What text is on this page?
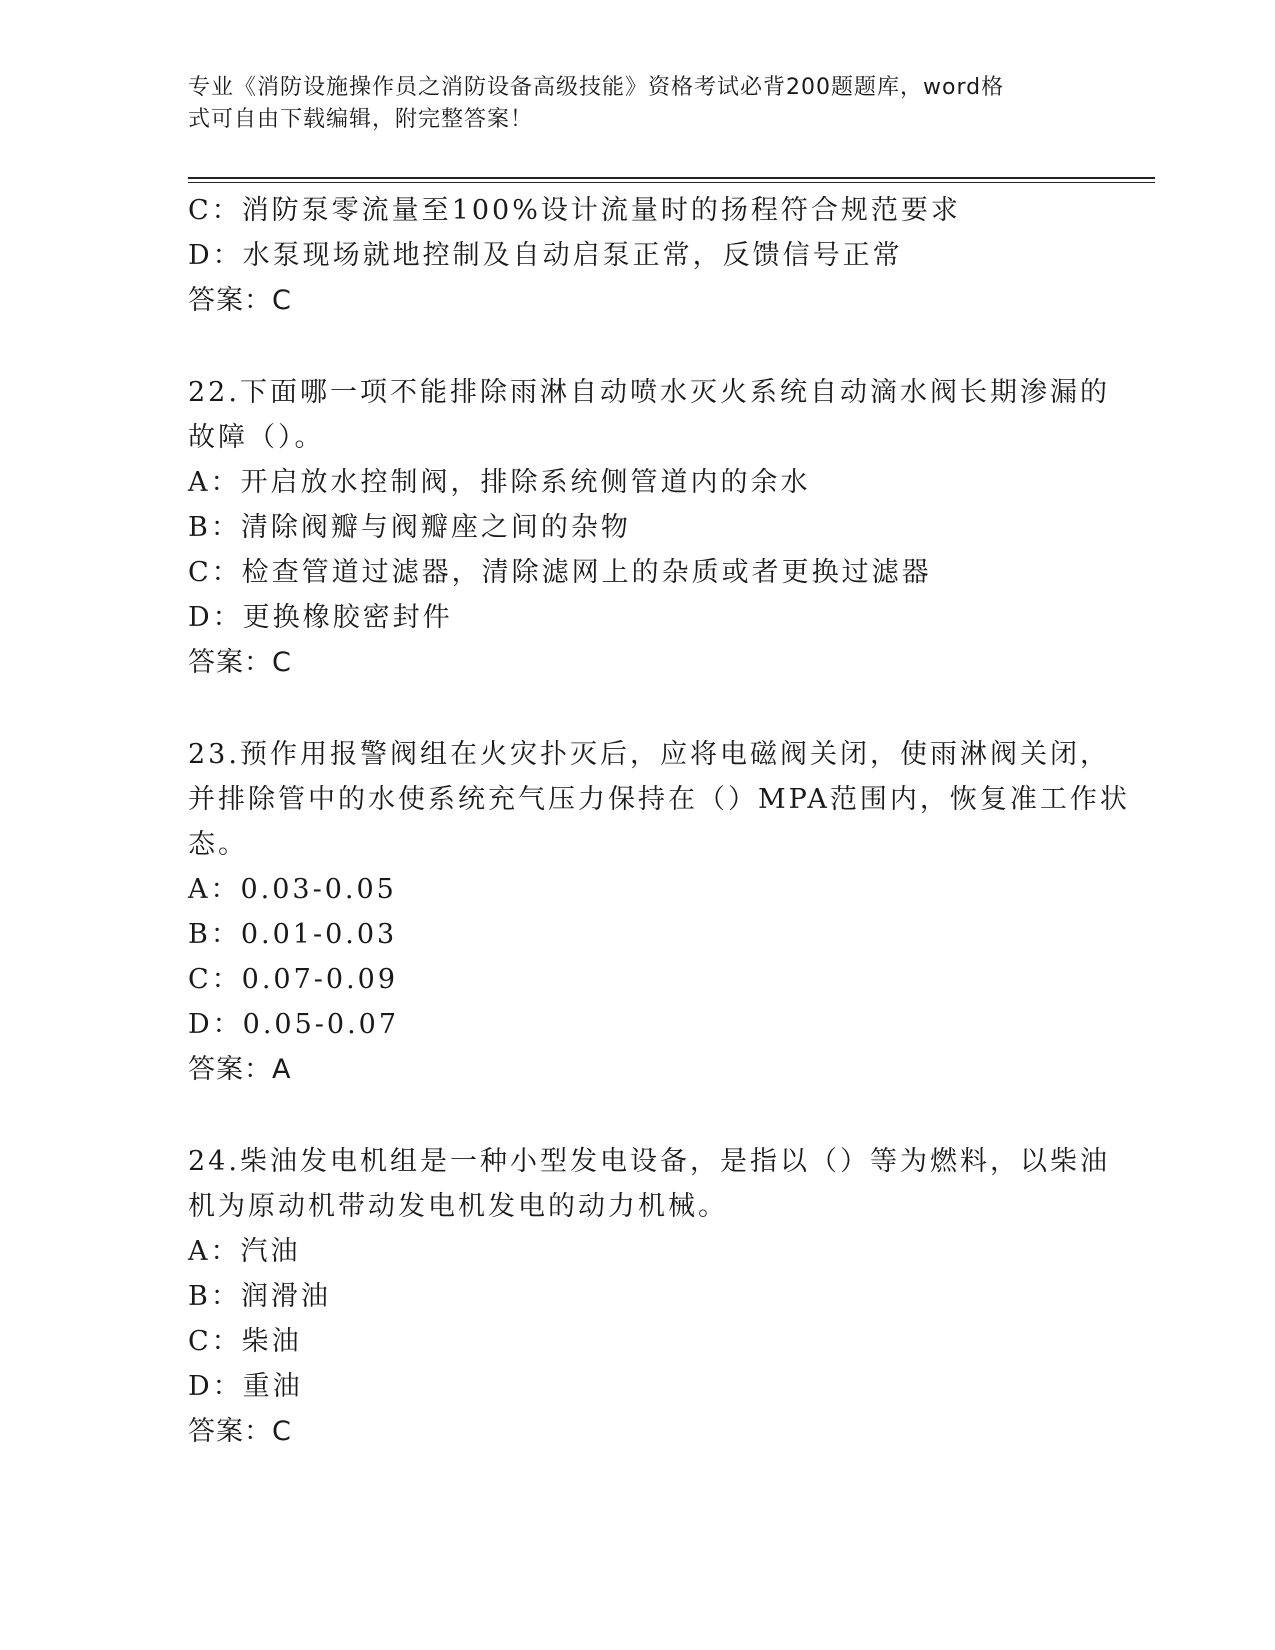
专业《消防设施操作员之消防设备高级技能》资格考试必背200题题库，word格
式可自由下载编辑，附完整答案！
C：消防泵零流量至100%设计流量时的扬程符合规范要求
D：水泵现场就地控制及自动启泵正常，反馈信号正常
答案：C
22.下面哪一项不能排除雨淋自动喷水灭火系统自动滴水阀长期渗漏的
故障（）。
A：开启放水控制阀，排除系统侧管道内的余水
B：清除阀瓣与阀瓣座之间的杂物
C：检查管道过滤器，清除滤网上的杂质或者更换过滤器
D：更换橡胶密封件
答案：C
23.预作用报警阀组在火灾扑灭后，应将电磁阀关闭，使雨淋阀关闭，
并排除管中的水使系统充气压力保持在（）MPA范围内，恢复准工作状
态。
A：0.03-0.05
B：0.01-0.03
C：0.07-0.09
D：0.05-0.07
答案：A
24.柴油发电机组是一种小型发电设备，是指以（）等为燃料，以柴油
机为原动机带动发电机发电的动力机械。
A：汽油
B：润滑油
C：柴油
D：重油
答案：C
